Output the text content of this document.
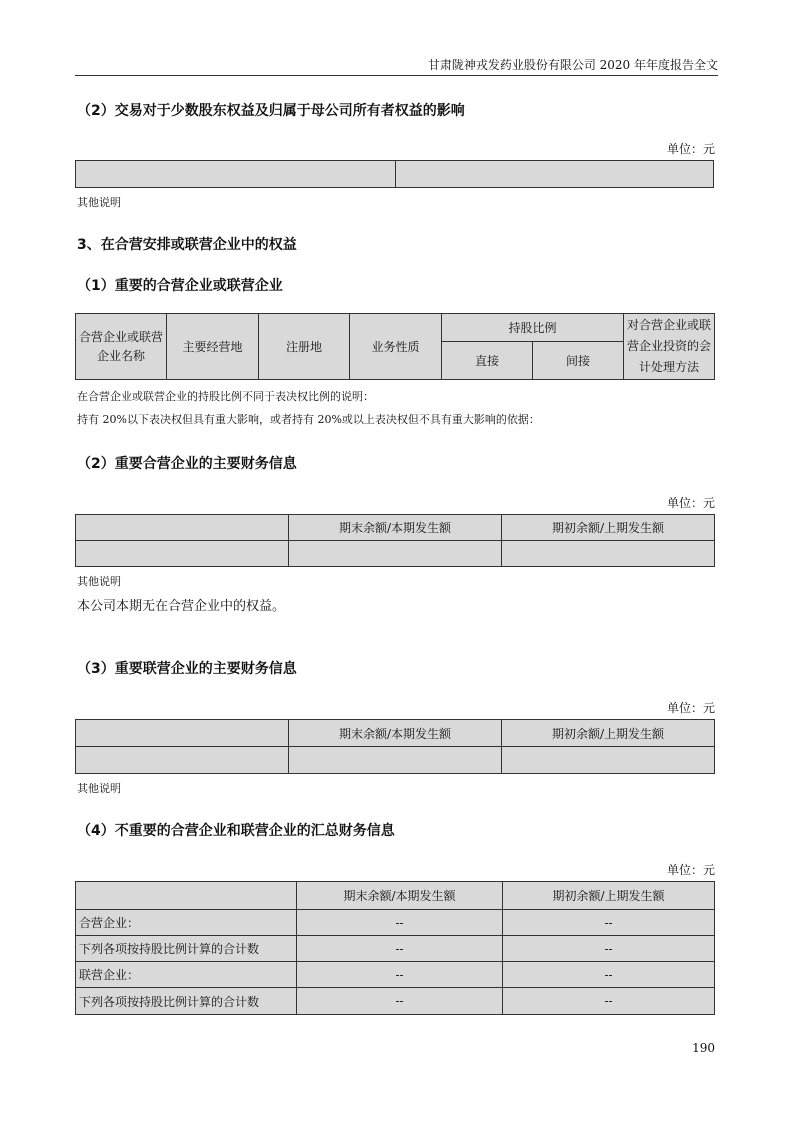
甘肃陇神戎发药业股份有限公司 2020 年年度报告全文
（2）交易对于少数股东权益及归属于母公司所有者权益的影响
单位：元

其他说明
3、在合营安排或联营企业中的权益
（1）重要的合营企业或联营企业
合营企业或联营企业名称	主要经营地	注册地	业务性质	持股比例		对合营企业或联营企业投资的会计处理方法
				直接	间接	
在合营企业或联营企业的持股比例不同于表决权比例的说明：
持有 20%以下表决权但具有重大影响，或者持有 20%或以上表决权但不具有重大影响的依据：
（2）重要合营企业的主要财务信息
单位：元
	期末余额/本期发生额	期初余额/上期发生额

其他说明
本公司本期无在合营企业中的权益。
（3）重要联营企业的主要财务信息
单位：元
	期末余额/本期发生额	期初余额/上期发生额

其他说明
（4）不重要的合营企业和联营企业的汇总财务信息
单位：元
	期末余额/本期发生额	期初余额/上期发生额
合营企业：	--	--
下列各项按持股比例计算的合计数	--	--
联营企业：	--	--
下列各项按持股比例计算的合计数	--	--
190
